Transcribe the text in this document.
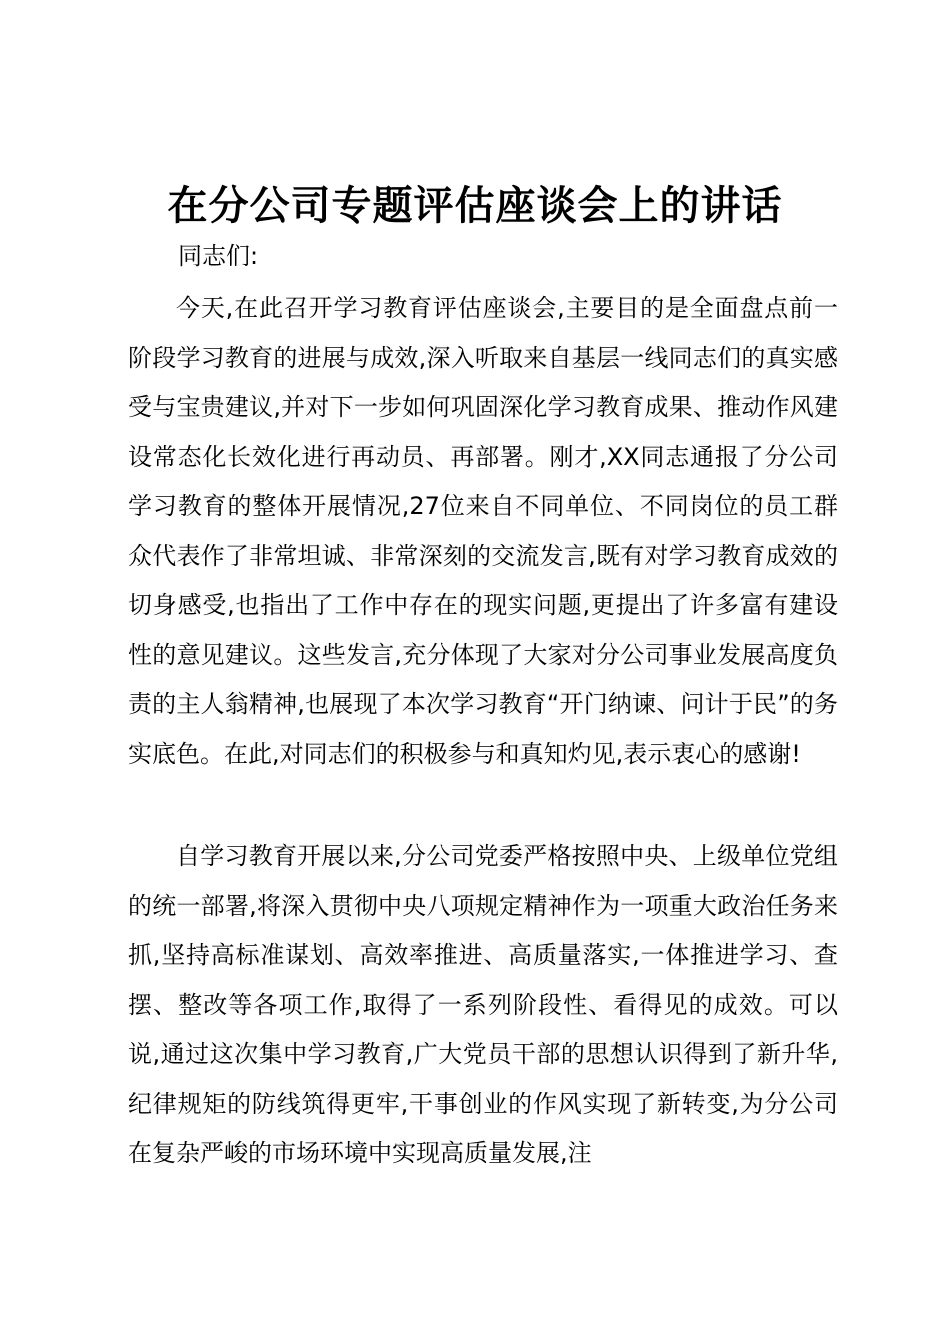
在分公司专题评估座谈会上的讲话

同志们:

今天,在此召开学习教育评估座谈会,主要目的是全面盘点前一阶段学习教育的进展与成效,深入听取来自基层一线同志们的真实感受与宝贵建议,并对下一步如何巩固深化学习教育成果、推动作风建设常态化长效化进行再动员、再部署。刚才,XX同志通报了分公司学习教育的整体开展情况,27位来自不同单位、不同岗位的员工群众代表作了非常坦诚、非常深刻的交流发言,既有对学习教育成效的切身感受,也指出了工作中存在的现实问题,更提出了许多富有建设性的意见建议。这些发言,充分体现了大家对分公司事业发展高度负责的主人翁精神,也展现了本次学习教育“开门纳谏、问计于民”的务实底色。在此,对同志们的积极参与和真知灼见,表示衷心的感谢!

自学习教育开展以来,分公司党委严格按照中央、上级单位党组的统一部署,将深入贯彻中央八项规定精神作为一项重大政治任务来抓,坚持高标准谋划、高效率推进、高质量落实,一体推进学习、查摆、整改等各项工作,取得了一系列阶段性、看得见的成效。可以说,通过这次集中学习教育,广大党员干部的思想认识得到了新升华,纪律规矩的防线筑得更牢,干事创业的作风实现了新转变,为分公司在复杂严峻的市场环境中实现高质量发展,注
